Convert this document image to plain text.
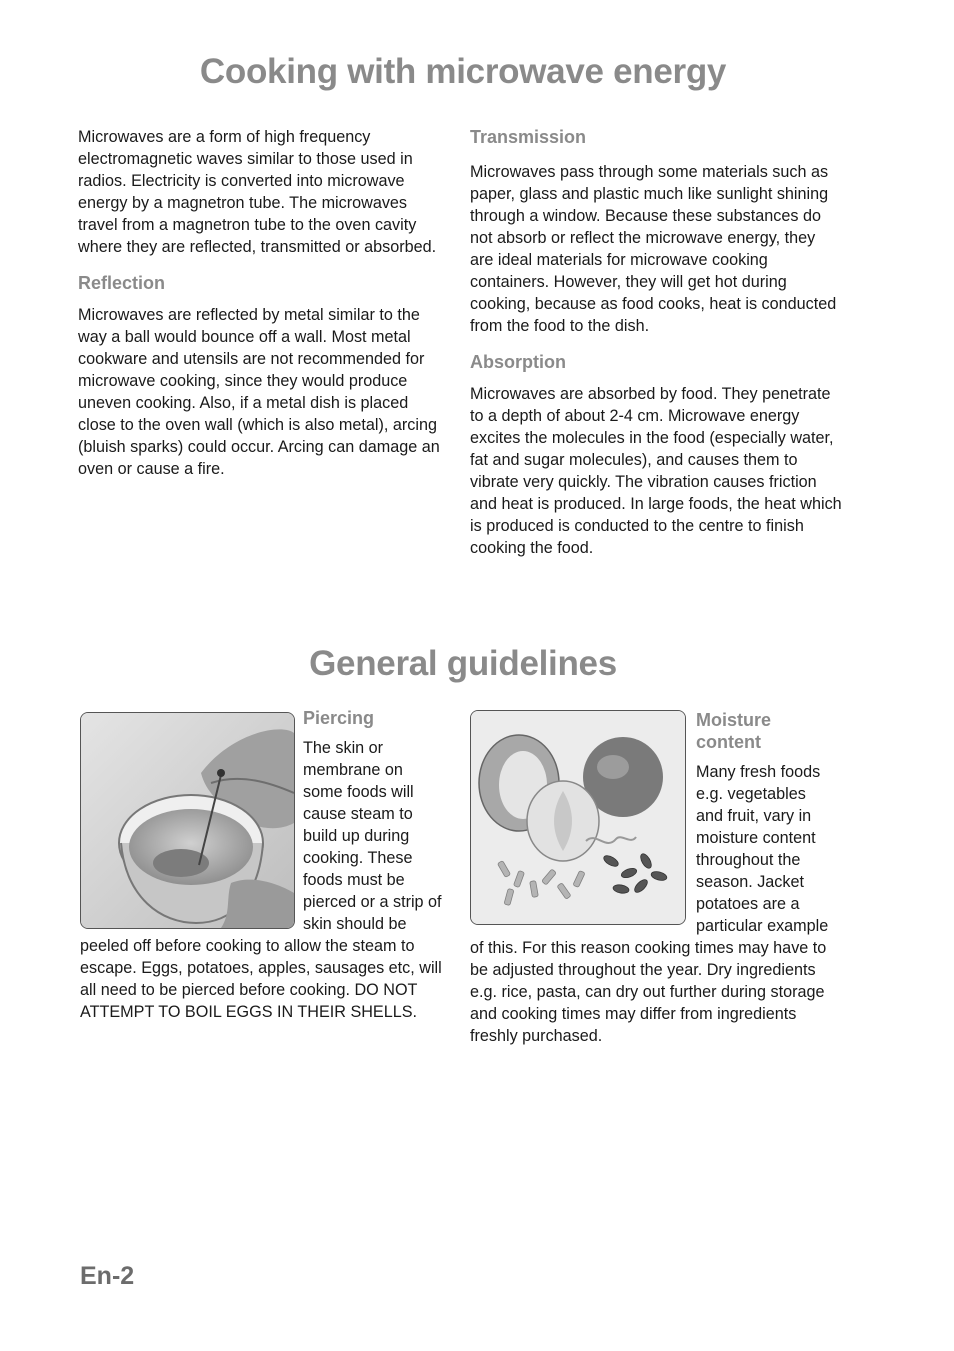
Cooking with microwave energy

Microwaves are a form of high frequency electromagnetic waves similar to those used in radios. Electricity is converted into microwave energy by a magnetron tube. The microwaves travel from a magnetron tube to the oven cavity where they are reflected, transmitted or absorbed.

Reflection

Microwaves are reflected by metal similar to the way a ball would bounce off a wall. Most metal cookware and utensils are not recommended for microwave cooking, since they would produce uneven cooking. Also, if a metal dish is placed close to the oven wall (which is also metal), arcing (bluish sparks) could occur. Arcing can damage an oven or cause a fire.

Transmission

Microwaves pass through some materials such as paper, glass and plastic much like sunlight shining through a window. Because these substances do not absorb or reflect the microwave energy, they are ideal materials for microwave cooking containers. However, they will get hot during cooking, because as food cooks, heat is conducted from the food to the dish.

Absorption

Microwaves are absorbed by food. They penetrate to a depth of about 2-4 cm. Microwave energy excites the molecules in the food (especially water, fat and sugar molecules), and causes them to vibrate very quickly. The vibration causes friction and heat is produced. In large foods, the heat which is produced is conducted to the centre to finish cooking the food.

General guidelines

Piercing

The skin or membrane on some foods will cause steam to build up during cooking. These foods must be pierced or a strip of skin should be peeled off before cooking to allow the steam to escape. Eggs, potatoes, apples, sausages etc, will all need to be pierced before cooking. DO NOT ATTEMPT TO BOIL EGGS IN THEIR SHELLS.

Moisture content

Many fresh foods e.g. vegetables and fruit, vary in moisture content throughout the season. Jacket potatoes are a particular example of this. For this reason cooking times may have to be adjusted throughout the year. Dry ingredients e.g. rice, pasta, can dry out further during storage and cooking times may differ from ingredients freshly purchased.

En-2
